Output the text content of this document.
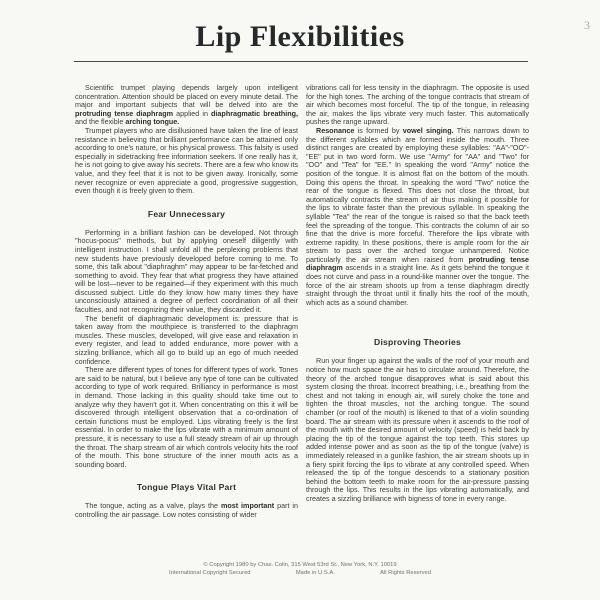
3
Lip Flexibilities

Scientific trumpet playing depends largely upon intelligent concentration. Attention should be placed on every minute detail. The major and important subjects that will be delved into are the protruding tense diaphragm applied in diaphragmatic breathing, and the flexible arching tongue.

Trumpet players who are disillusioned have taken the line of least resistance in believing that brilliant performance can be attained only according to one's nature, or his physical prowess. This falsity is used especially in sidetracking free information seekers. If one really has it, he is not going to give away his secrets. There are a few who know its value, and they feel that it is not to be given away. Ironically, some never recognize or even appreciate a good, progressive suggestion, even though it is freely given to them.

Fear Unnecessary

Performing in a brilliant fashion can be developed. Not through "hocus-pocus" methods, but by applying oneself diligently with intelligent instruction. I shall unfold all the perplexing problems that new students have previously developed before coming to me. To some, this talk about "diaphraghm" may appear to be far-fetched and something to avoid. They fear that what progress they have attained will be lost—never to be regained—if they experiment with this much discussed subject. Little do they know how many times they have unconsciously attained a degree of perfect coordination of all their faculties, and not recognizing their value, they discarded it.

The benefit of diaphragmatic development is: pressure that is taken away from the mouthpiece is transferred to the diaphragm muscles. These muscles, developed, will give ease and relaxation in every register, and lead to added endurance, more power with a sizzling brilliance, which all go to build up an ego of much needed confidence.

There are different types of tones for different types of work. Tones are said to be natural, but I believe any type of tone can be cultivated according to type of work required. Brilliancy in performance is most in demand. Those lacking in this quality should take time out to analyze why they haven't got it. When concentrating on this it will be discovered through intelligent observation that a co-ordination of certain functions must be employed. Lips vibrating freely is the first essential. In order to make the lips vibrate with a minimum amount of pressure, it is necessary to use a full steady stream of air up through the throat. The sharp stream of air which controls velocity hits the roof of the mouth. This bone structure of the inner mouth acts as a sounding board.

Tongue Plays Vital Part

The tongue, acting as a valve, plays the most important part in controlling the air passage. Low notes consisting of wider

vibrations call for less tensity in the diaphragm. The opposite is used for the high tones. The arching of the tongue contracts that stream of air which becomes most forceful. The tip of the tongue, in releasing the air, makes the lips vibrate very much faster. This automatically pushes the range upward.

Resonance is formed by vowel singing. This narrows down to the different syllables which are formed inside the mouth. Three distinct ranges are created by employing these syllables: "AA"-"OO"-"EE" put in two word form. We use "Army" for "AA" and "Two" for "OO" and "Tea" for "EE." In speaking the word "Army" notice the position of the tongue. It is almost flat on the bottom of the mouth. Doing this opens the throat. In speaking the word "Two" notice the rear of the tongue is flexed. This does not close the throat, but automatically contracts the stream of air thus making it possible for the lips to vibrate faster than the previous syllable. In speaking the syllable "Tea" the rear of the tongue is raised so that the back teeth feel the spreading of the tongue. This contracts the column of air so fine that the drive is more forceful. Therefore the lips vibrate with extreme rapidity. In these positions, there is ample room for the air stream to pass over the arched tongue unhampered. Notice particularly the air stream when raised from protruding tense diaphragm ascends in a straight line. As it gets behind the tongue it does not curve and pass in a round-like manner over the tongue. The force of the air stream shoots up from a tense diaphragm directly straight through the throat until it finally hits the roof of the mouth, which acts as a sound chamber.

Disproving Theories

Run your finger up against the walls of the roof of your mouth and notice how much space the air has to circulate around. Therefore, the theory of the arched tongue disapproves what is said about this system closing the throat. Incorrect breathing, i.e., breathing from the chest and not taking in enough air, will surely choke the tone and tighten the throat muscles, not the arching tongue. The sound chamber (or roof of the mouth) is likened to that of a violin sounding board. The air stream with its pressure when it ascends to the roof of the mouth with the desired amount of velocity (speed) is held back by placing the tip of the tongue against the top teeth. This stores up added intense power and as soon as the tip of the tongue (valve) is immediately released in a gunlike fashion, the air stream shoots up in a fiery spirit forcing the lips to vibrate at any controlled speed. When released the tip of the tongue descends to a stationary position behind the bottom teeth to make room for the air-pressure passing through the lips. This results in the lips vibrating automatically, and creates a sizzling brilliance with bigness of tone in every range.

© Copyright 1980 by Chas. Colin, 315 West 53rd St., New York, N.Y. 10019
International Copyright Secured	Made in U.S.A.	All Rights Reserved
